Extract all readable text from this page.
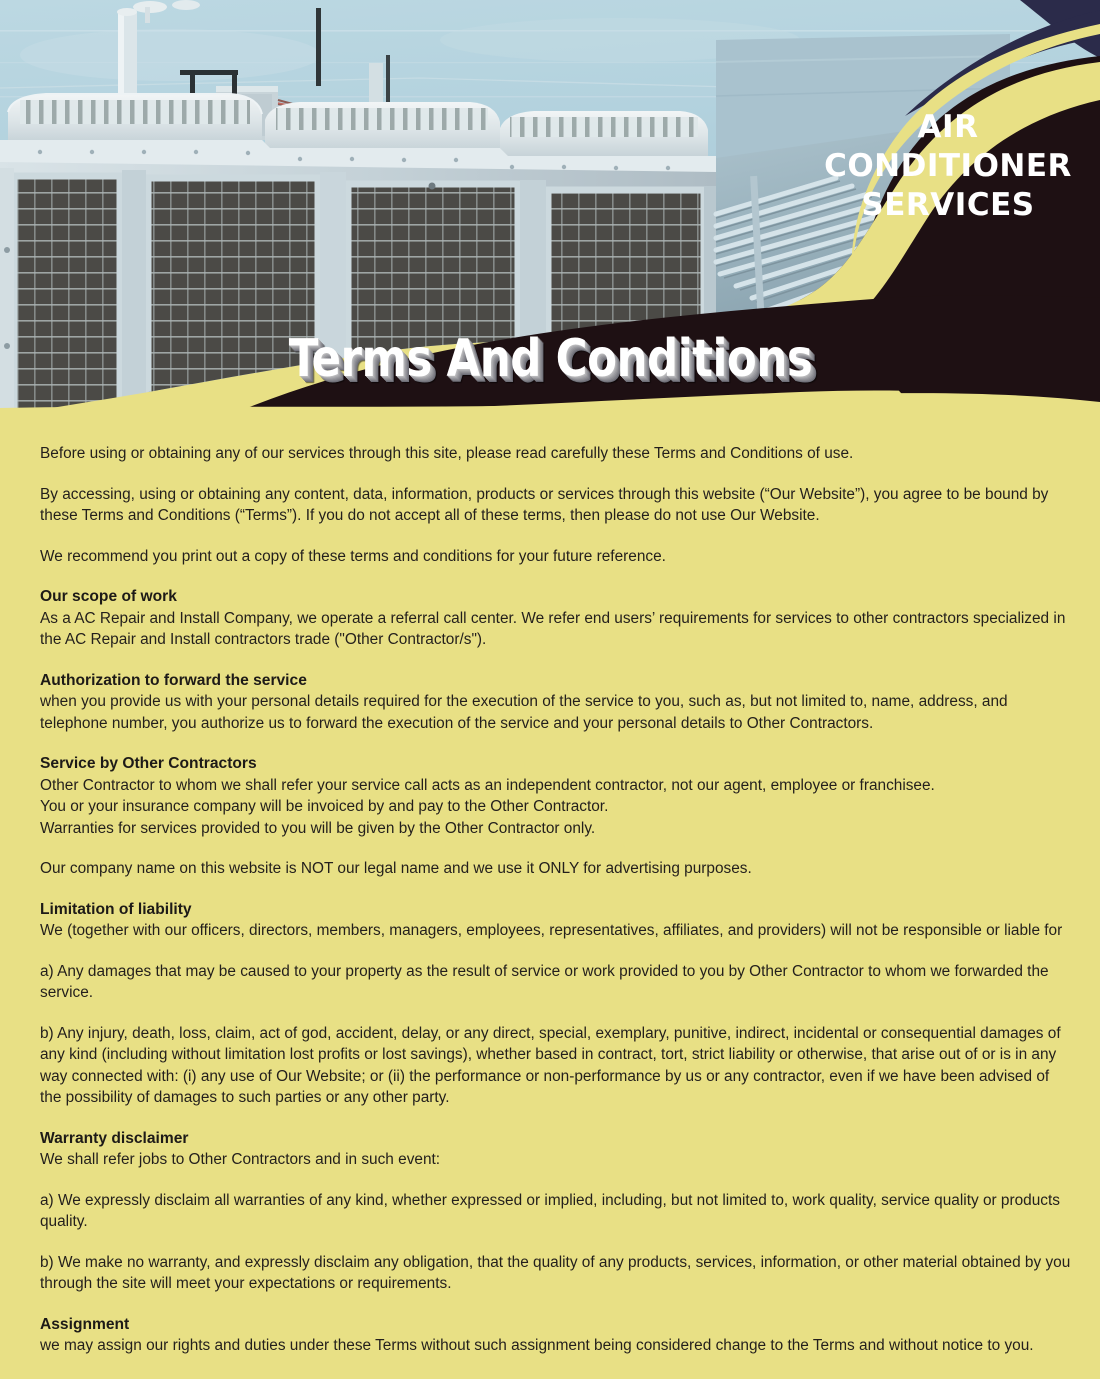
AIR
CONDITIONER
SERVICES
Terms And Conditions

Before using or obtaining any of our services through this site, please read carefully these Terms and Conditions of use.

By accessing, using or obtaining any content, data, information, products or services through this website (“Our Website”), you agree to be bound by these Terms and Conditions (“Terms”). If you do not accept all of these terms, then please do not use Our Website.

We recommend you print out a copy of these terms and conditions for your future reference.

Our scope of work

As a AC Repair and Install Company, we operate a referral call center. We refer end users’ requirements for services to other contractors specialized in the AC Repair and Install contractors trade ("Other Contractor/s").

Authorization to forward the service

when you provide us with your personal details required for the execution of the service to you, such as, but not limited to, name, address, and telephone number, you authorize us to forward the execution of the service and your personal details to Other Contractors.

Service by Other Contractors

Other Contractor to whom we shall refer your service call acts as an independent contractor, not our agent, employee or franchisee.

You or your insurance company will be invoiced by and pay to the Other Contractor.

Warranties for services provided to you will be given by the Other Contractor only.

Our company name on this website is NOT our legal name and we use it ONLY for advertising purposes.

Limitation of liability

We (together with our officers, directors, members, managers, employees, representatives, affiliates, and providers) will not be responsible or liable for

a) Any damages that may be caused to your property as the result of service or work provided to you by Other Contractor to whom we forwarded the service.

b) Any injury, death, loss, claim, act of god, accident, delay, or any direct, special, exemplary, punitive, indirect, incidental or consequential damages of any kind (including without limitation lost profits or lost savings), whether based in contract, tort, strict liability or otherwise, that arise out of or is in any way connected with: (i) any use of Our Website; or (ii) the performance or non-performance by us or any contractor, even if we have been advised of the possibility of damages to such parties or any other party.

Warranty disclaimer

We shall refer jobs to Other Contractors and in such event:

a) We expressly disclaim all warranties of any kind, whether expressed or implied, including, but not limited to, work quality, service quality or products quality.

b) We make no warranty, and expressly disclaim any obligation, that the quality of any products, services, information, or other material obtained by you through the site will meet your expectations or requirements.

Assignment

we may assign our rights and duties under these Terms without such assignment being considered change to the Terms and without notice to you.
